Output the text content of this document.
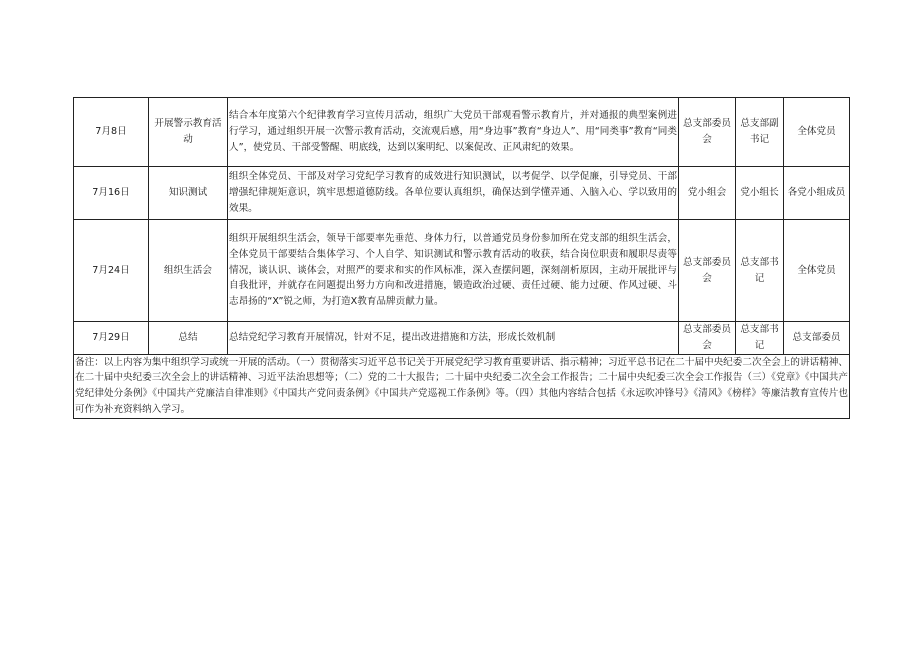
7月8日	开展警示教育活动	结合本年度第六个纪律教育学习宣传月活动，组织广大党员干部观看警示教育片，并对通报的典型案例进行学习，通过组织开展一次警示教育活动，交流观后感，用“身边事”教育“身边人”、用“同类事”教育“同类人”，使党员、干部受警醒、明底线，达到以案明纪、以案促改、正风肃纪的效果。	总支部委员会	总支部副书记	全体党员
7月16日	知识测试	组织全体党员、干部及对学习党纪学习教育的成效进行知识测试，以考促学、以学促廉，引导党员、干部增强纪律规矩意识，筑牢思想道德防线。各单位要认真组织，确保达到学懂弄通、入脑入心、学以致用的效果。	党小组会	党小组长	各党小组成员
7月24日	组织生活会	组织开展组织生活会，领导干部要率先垂范、身体力行，以普通党员身份参加所在党支部的组织生活会，全体党员干部要结合集体学习、个人自学、知识测试和警示教育活动的收获，结合岗位职责和履职尽责等情况，谈认识、谈体会，对照严的要求和实的作风标准，深入查摆问题，深刻剖析原因，主动开展批评与自我批评，并就存在问题提出努力方向和改进措施，锻造政治过硬、责任过硬、能力过硬、作风过硬、斗志昂扬的“X”锐之师，为打造X教育品牌贡献力量。	总支部委员会	总支部书记	全体党员
7月29日	总结	总结党纪学习教育开展情况，针对不足，提出改进措施和方法，形成长效机制	总支部委员会	总支部书记	总支部委员
备注：以上内容为集中组织学习或统一开展的活动。（一）贯彻落实习近平总书记关于开展党纪学习教育重要讲话、指示精神；习近平总书记在二十届中央纪委二次全会上的讲话精神、在二十届中央纪委三次全会上的讲话精神、习近平法治思想等；（二）党的二十大报告；二十届中央纪委二次全会工作报告；二十届中央纪委三次全会工作报告（三）《党章》《中国共产党纪律处分条例》《中国共产党廉洁自律准则》《中国共产党问责条例》《中国共产党巡视工作条例》等。（四）其他内容结合包括《永远吹冲锋号》《清风》《榜样》等廉洁教育宣传片也可作为补充资料纳入学习。					
